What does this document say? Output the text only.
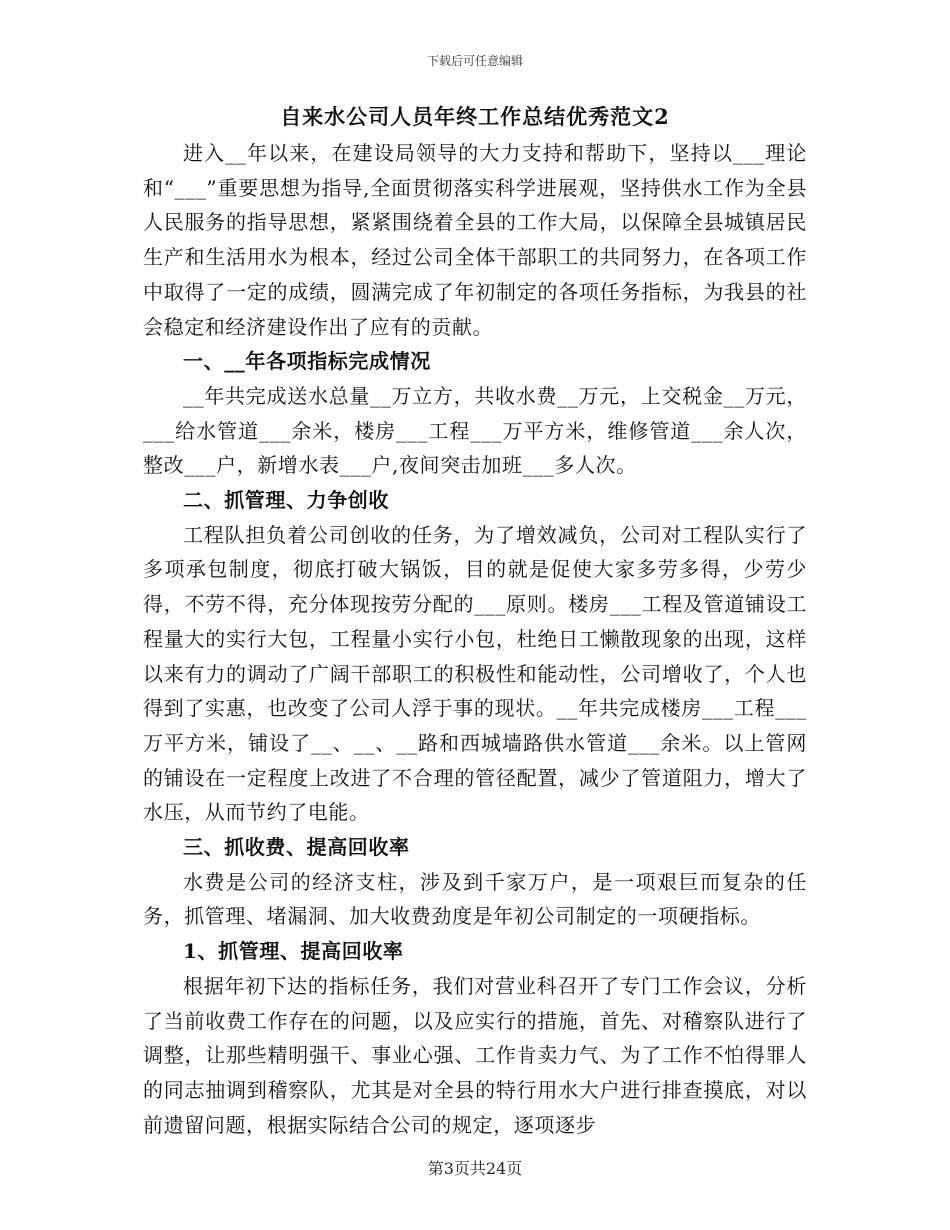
下载后可任意编辑
自来水公司人员年终工作总结优秀范文2

进入__年以来，在建设局领导的大力支持和帮助下，坚持以___理论和“___”重要思想为指导,全面贯彻落实科学进展观，坚持供水工作为全县人民服务的指导思想，紧紧围绕着全县的工作大局，以保障全县城镇居民生产和生活用水为根本，经过公司全体干部职工的共同努力，在各项工作中取得了一定的成绩，圆满完成了年初制定的各项任务指标，为我县的社会稳定和经济建设作出了应有的贡献。

一、__年各项指标完成情况

__年共完成送水总量__万立方，共收水费__万元，上交税金__万元，___给水管道___余米，楼房___工程___万平方米，维修管道___余人次，整改___户，新增水表___户,夜间突击加班___多人次。

二、抓管理、力争创收

工程队担负着公司创收的任务，为了增效减负，公司对工程队实行了多项承包制度，彻底打破大锅饭，目的就是促使大家多劳多得，少劳少得，不劳不得，充分体现按劳分配的___原则。楼房___工程及管道铺设工程量大的实行大包，工程量小实行小包，杜绝日工懒散现象的出现，这样以来有力的调动了广阔干部职工的积极性和能动性，公司增收了，个人也得到了实惠，也改变了公司人浮于事的现状。__年共完成楼房___工程___万平方米，铺设了__、__、__路和西城墙路供水管道___余米。以上管网的铺设在一定程度上改进了不合理的管径配置，减少了管道阻力，增大了水压，从而节约了电能。

三、抓收费、提高回收率

水费是公司的经济支柱，涉及到千家万户，是一项艰巨而复杂的任务，抓管理、堵漏洞、加大收费劲度是年初公司制定的一项硬指标。

1、抓管理、提高回收率

根据年初下达的指标任务，我们对营业科召开了专门工作会议，分析了当前收费工作存在的问题，以及应实行的措施，首先、对稽察队进行了调整，让那些精明强干、事业心强、工作肯卖力气、为了工作不怕得罪人的同志抽调到稽察队，尤其是对全县的特行用水大户进行排查摸底，对以前遗留问题，根据实际结合公司的规定，逐项逐步

第3页共24页
